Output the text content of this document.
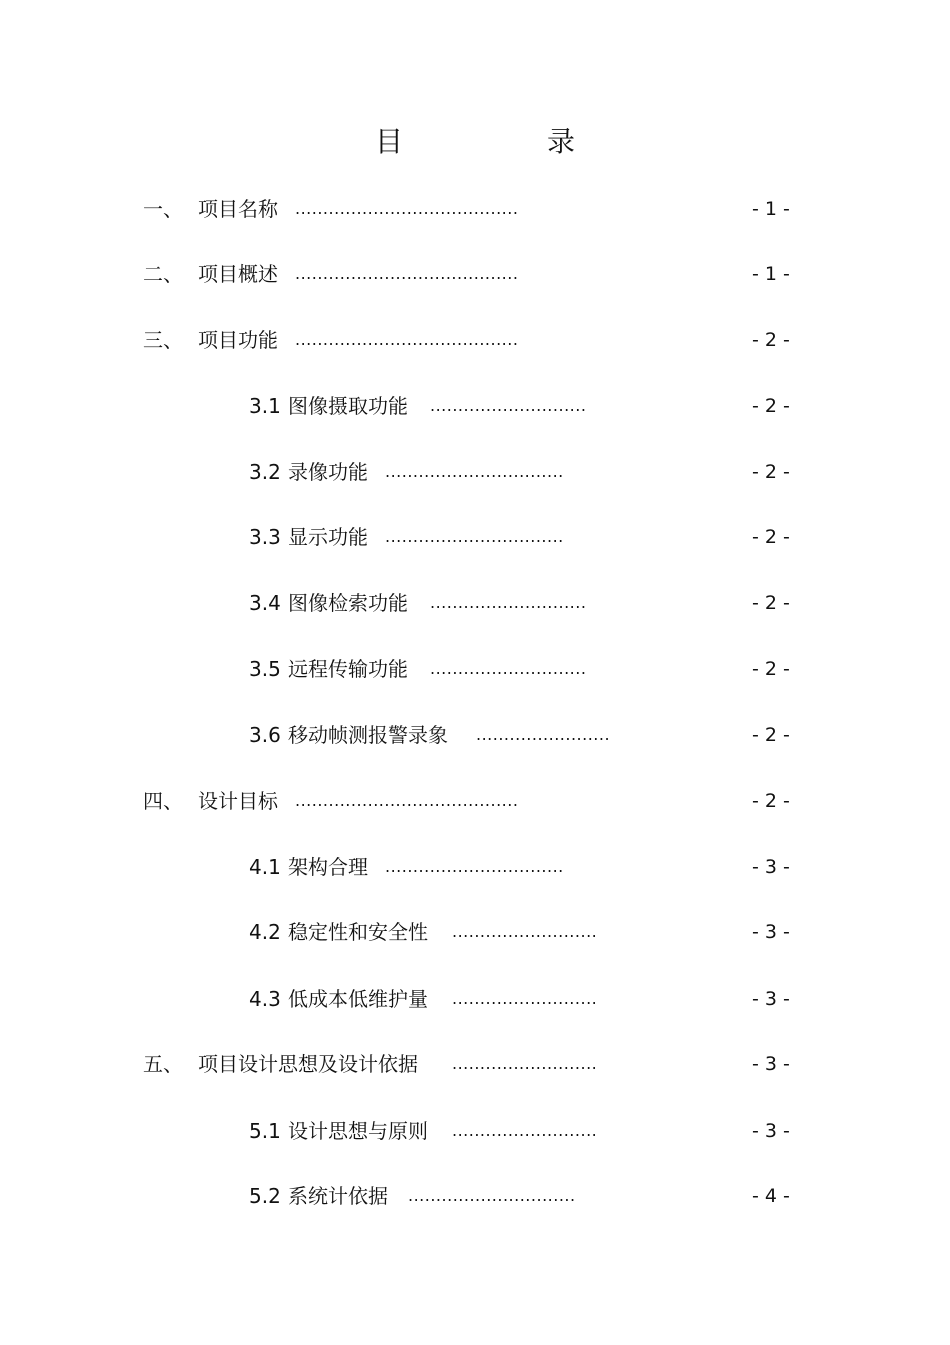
目　录
一、 项目名称 ........................................	- 1 -
二、 项目概述 ........................................	- 1 -
三、 项目功能 ........................................	- 2 -
3.1 图像摄取功能 ............................	- 2 -
3.2 录像功能 ................................	- 2 -
3.3 显示功能 ................................	- 2 -
3.4 图像检索功能 ............................	- 2 -
3.5 远程传输功能 ............................	- 2 -
3.6 移动帧测报警录象 ........................	- 2 -
四、 设计目标 ........................................	- 2 -
4.1 架构合理 ................................	- 3 -
4.2 稳定性和安全性 ..........................	- 3 -
4.3 低成本低维护量 ..........................	- 3 -
五、 项目设计思想及设计依据 ..........................	- 3 -
5.1 设计思想与原则 ..........................	- 3 -
5.2 系统计依据 ..............................	- 4 -
